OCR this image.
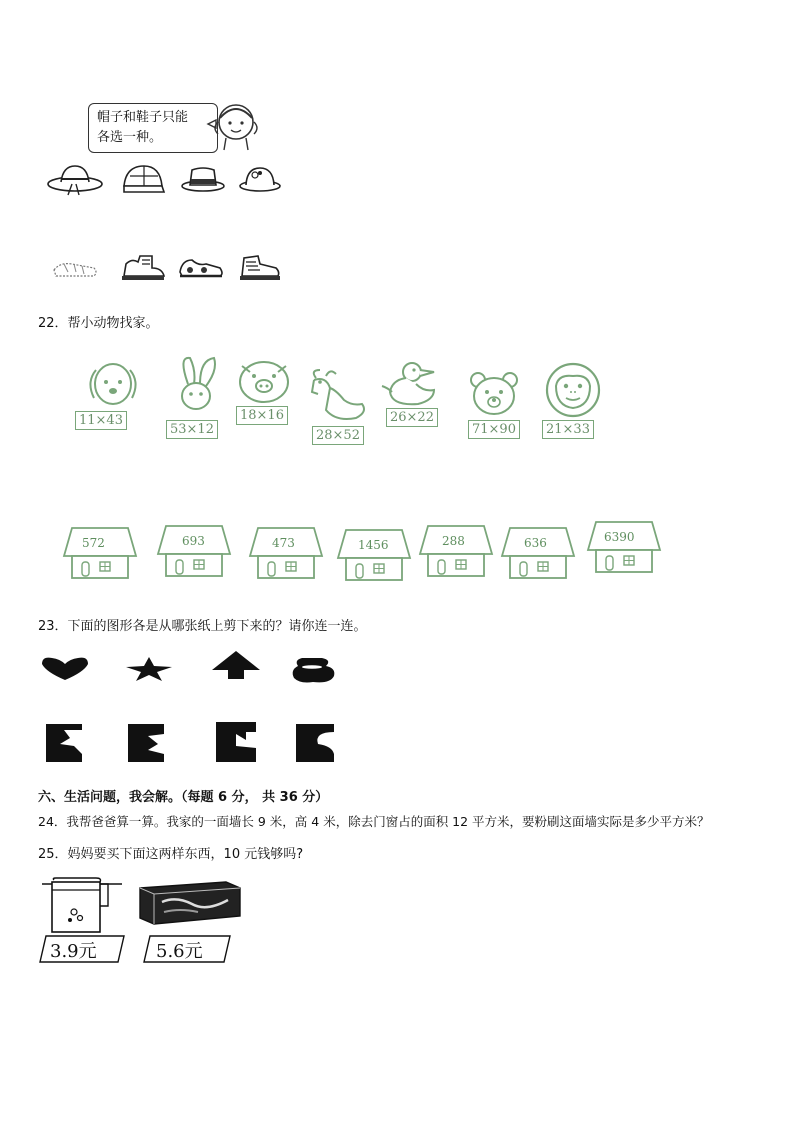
帽子和鞋子只能
各选一种。
22．帮小动物找家。
11×43
53×12
18×16
28×52
26×22
71×90	21×33
572	693	473	1456	288	636	6390
23．下面的图形各是从哪张纸上剪下来的？请你连一连。
六、生活问题，我会解。（每题 6 分， 共 36 分）
24．我帮爸爸算一算。我家的一面墙长 9 米，高 4 米，除去门窗占的面积 12 平方米，要粉刷这面墙实际是多少平方米？
25．妈妈要买下面这两样东西，10 元钱够吗?
3.9元	5.6元
